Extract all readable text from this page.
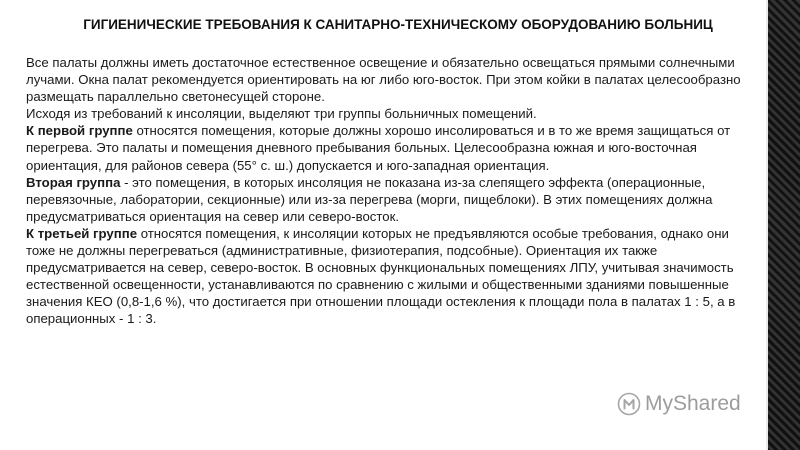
ГИГИЕНИЧЕСКИЕ ТРЕБОВАНИЯ К САНИТАРНО-ТЕХНИЧЕСКОМУ ОБОРУДОВАНИЮ БОЛЬНИЦ

Все палаты должны иметь достаточное естественное освещение и обязательно освещаться прямыми солнечными лучами. Окна палат рекомендуется ориентировать на юг либо юго-восток. При этом койки в палатах целесообразно размещать параллельно светонесущей стороне.

Исходя из требований к инсоляции, выделяют три группы больничных помещений.

К первой группе относятся помещения, которые должны хорошо инсолироваться и в то же время защищаться от перегрева. Это палаты и помещения дневного пребывания больных. Целесообразна южная и юго-восточная ориентация, для районов севера (55° с. ш.) допускается и юго-западная ориентация.

Вторая группа - это помещения, в которых инсоляция не показана из-за слепящего эффекта (операционные, перевязочные, лаборатории, секционные) или из-за перегрева (морги, пищеблоки). В этих помещениях должна предусматриваться ориентация на север или северо-восток.

К третьей группе относятся помещения, к инсоляции которых не предъявляются особые требования, однако они тоже не должны перегреваться (административные, физиотерапия, подсобные). Ориентация их также предусматривается на север, северо-восток. В основных функциональных помещениях ЛПУ, учитывая значимость естественной освещенности, устанавливаются по сравнению с жилыми и общественными зданиями повышенные значения КЕО (0,8-1,6 %), что достигается при отношении площади остекления к площади пола в палатах 1 : 5, а в операционных - 1 : 3.

MyShared
